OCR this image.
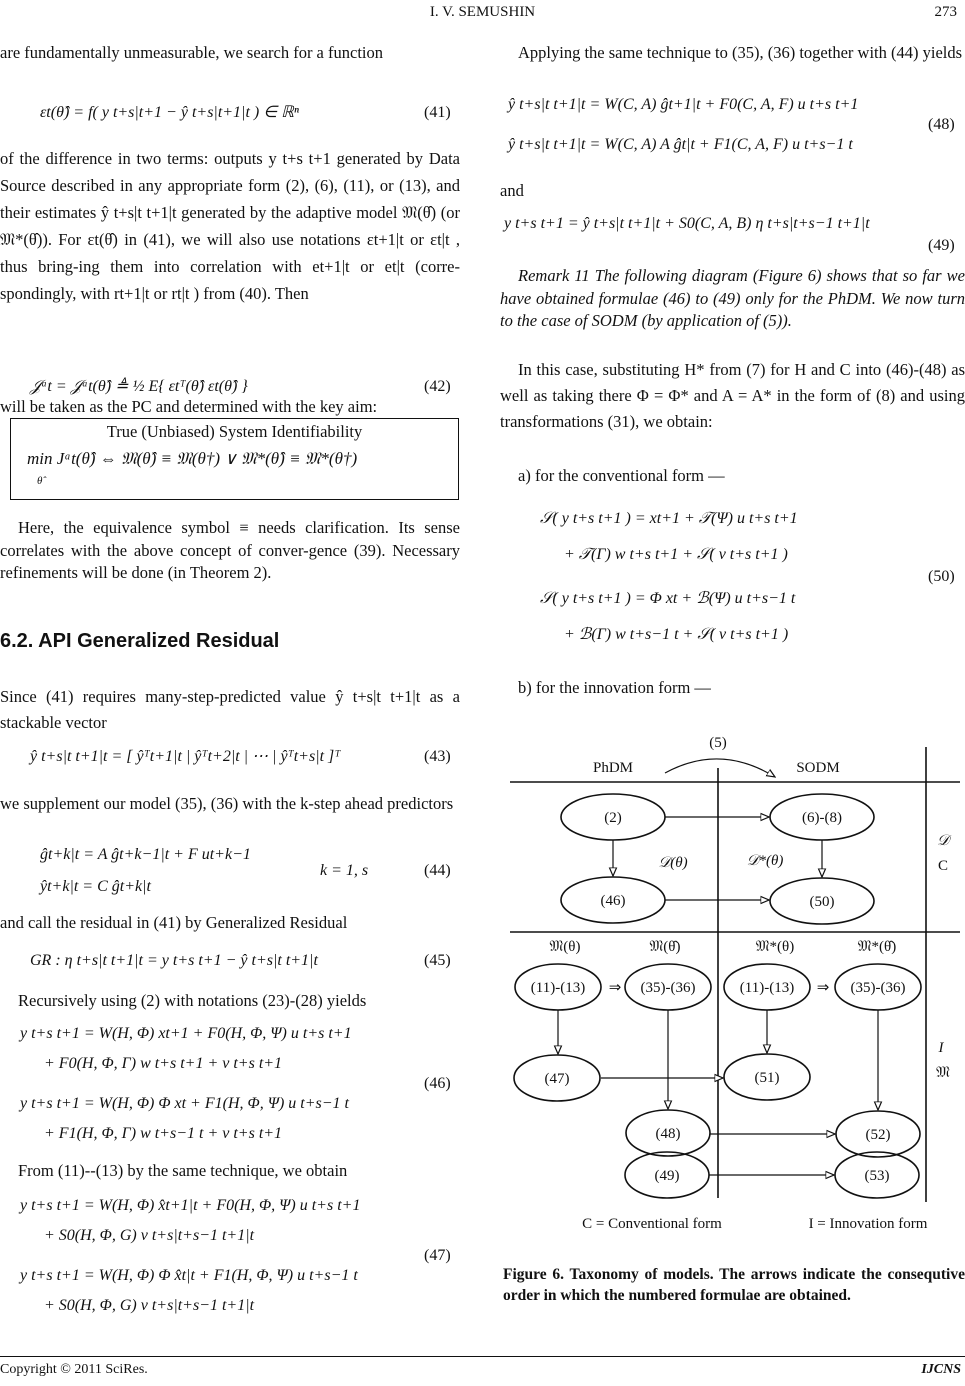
I. V. SEMUSHIN	273
are fundamentally unmeasurable, we search for a function
εt(θ̂) = f( y t+s|t+1 − ŷ t+s|t+1|t ) ∈ ℝⁿ	(41)
of the difference in two terms: outputs y t+s t+1 generated by Data Source described in any appropriate form (2), (6), (11), or (13), and their estimates ŷ t+s|t t+1|t generated by the adaptive model 𝔐(θ̂) (or 𝔐*(θ̂)). For εt(θ̂) in (41), we will also use notations εt+1|t or εt|t , thus bring-ing them into correlation with et+1|t or et|t (corre-spondingly, with rt+1|t or rt|t ) from (40). Then
𝒥ᵃt = 𝒥ᵃt(θ̂) ≜ ½ E{ εtᵀ(θ̂) εt(θ̂) }	(42)
will be taken as the PC and determined with the key aim:
True (Unbiased) System Identifiability
min Jᵃt(θ̂) ⇔ 𝔐(θ̂) ≡ 𝔐(θ†) ∨ 𝔐*(θ̂) ≡ 𝔐*(θ†)
θ̂
Here, the equivalence symbol ≡ needs clarification. Its sense correlates with the above concept of conver-gence (39). Necessary refinements will be done (in Theorem 2).
6.2. API Generalized Residual
Since (41) requires many-step-predicted value ŷ t+s|t t+1|t as a stackable vector
ŷ t+s|t t+1|t = [ ŷᵀt+1|t | ŷᵀt+2|t | ⋯ | ŷᵀt+s|t ]ᵀ	(43)
we supplement our model (35), (36) with the k-step ahead predictors
ĝt+k|t = A ĝt+k−1|t + F ut+k−1
ŷt+k|t = C ĝt+k|t
k = 1, s	(44)
and call the residual in (41) by Generalized Residual
GR : η t+s|t t+1|t = y t+s t+1 − ŷ t+s|t t+1|t	(45)
Recursively using (2) with notations (23)-(28) yields
y t+s t+1 = W(H, Φ) xt+1 + F0(H, Φ, Ψ) u t+s t+1
+ F0(H, Φ, Γ) w t+s t+1 + v t+s t+1
y t+s t+1 = W(H, Φ) Φ xt + F1(H, Φ, Ψ) u t+s−1 t
+ F1(H, Φ, Γ) w t+s−1 t + v t+s t+1
(46)
From (11)--(13) by the same technique, we obtain
y t+s t+1 = W(H, Φ) x̂t+1|t + F0(H, Φ, Ψ) u t+s t+1
+ S0(H, Φ, G) ν t+s|t+s−1 t+1|t
y t+s t+1 = W(H, Φ) Φ x̂t|t + F1(H, Φ, Ψ) u t+s−1 t
+ S0(H, Φ, G) ν t+s|t+s−1 t+1|t
(47)
Applying the same technique to (35), (36) together with (44) yields
ŷ t+s|t t+1|t = W(C, A) ĝt+1|t + F0(C, A, F) u t+s t+1
ŷ t+s|t t+1|t = W(C, A) A ĝt|t + F1(C, A, F) u t+s−1 t
(48)
and
y t+s t+1 = ŷ t+s|t t+1|t + S0(C, A, B) η t+s|t+s−1 t+1|t
(49)
Remark 11 The following diagram (Figure 6) shows that so far we have obtained formulae (46) to (49) only for the PhDM. We now turn to the case of SODM (by application of (5)).
In this case, substituting H* from (7) for H and C into (46)-(48) as well as taking there Φ = Φ* and A = A* in the form of (8) and using transformations (31), we obtain:
a) for the conventional form —
𝒮( y t+s t+1 ) = xt+1 + 𝒯(Ψ) u t+s t+1
+ 𝒯(Γ) w t+s t+1 + 𝒮( v t+s t+1 )
𝒮( y t+s t+1 ) = Φ xt + ℬ(Ψ) u t+s−1 t
+ ℬ(Γ) w t+s−1 t + 𝒮( v t+s t+1 )
(50)
b) for the innovation form —
(5)
PhDM	SODM
(2)	(6)-(8)
(46)	(50)
(11)-(13)	(35)-(36)	(11)-(13)	(35)-(36)
(47)	(51)
(48)
(49)
(52)
(53)
𝒟(θ)	𝒟*(θ)
𝔐(θ)	𝔐(θ̂)	𝔐*(θ)	𝔐*(θ̂)
⇒	⇒
𝒟
C
I
𝔐
C = Conventional form	I = Innovation form
Figure 6. Taxonomy of models. The arrows indicate the consequtive order in which the numbered formulae are obtained.
Copyright © 2011 SciRes.	IJCNS
